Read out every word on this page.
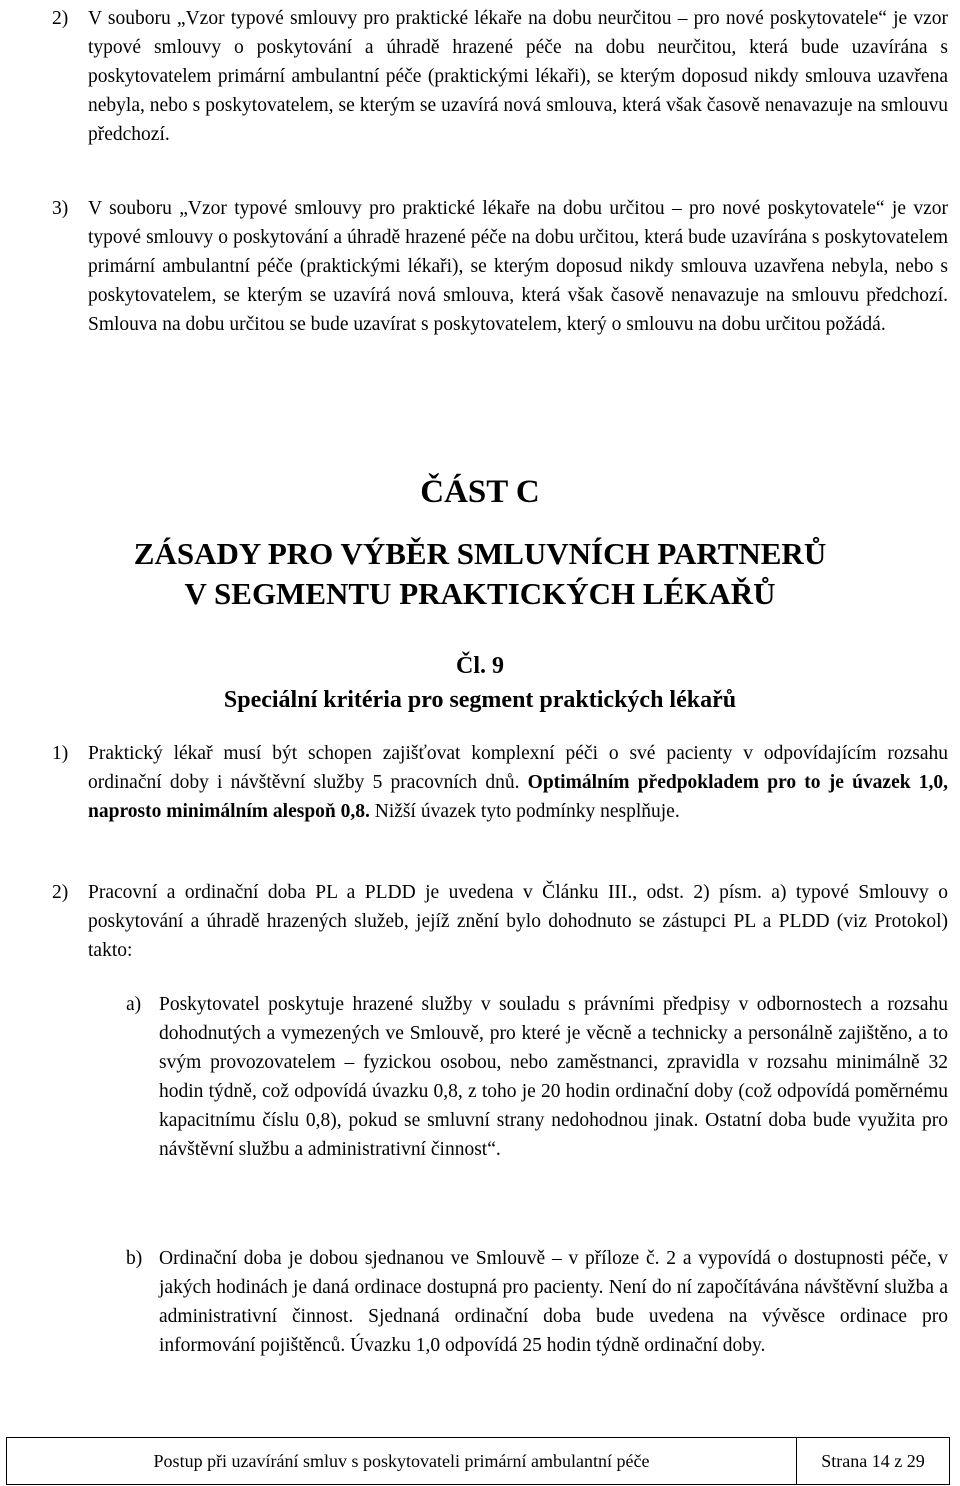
2) V souboru „Vzor typové smlouvy pro praktické lékaře na dobu neurčitou – pro nové poskytovatele“ je vzor typové smlouvy o poskytování a úhradě hrazené péče na dobu neurčitou, která bude uzavírána s poskytovatelem primární ambulantní péče (praktickými lékaři), se kterým doposud nikdy smlouva uzavřena nebyla, nebo s poskytovatelem, se kterým se uzavírá nová smlouva, která však časově nenavazuje na smlouvu předchozí.
3) V souboru „Vzor typové smlouvy pro praktické lékaře na dobu určitou – pro nové poskytovatele“ je vzor typové smlouvy o poskytování a úhradě hrazené péče na dobu určitou, která bude uzavírána s poskytovatelem primární ambulantní péče (praktickými lékaři), se kterým doposud nikdy smlouva uzavřena nebyla, nebo s poskytovatelem, se kterým se uzavírá nová smlouva, která však časově nenavazuje na smlouvu předchozí. Smlouva na dobu určitou se bude uzavírat s poskytovatelem, který o smlouvu na dobu určitou požádá.
ČÁST C
ZÁSADY PRO VÝBĚR SMLUVNÍCH PARTNERŮ
V SEGMENTU PRAKTICKÝCH LÉKAŘŮ
Čl. 9
Speciální kritéria pro segment praktických lékařů
1) Praktický lékař musí být schopen zajišťovat komplexní péči o své pacienty v odpovídajícím rozsahu ordinační doby i návštěvní služby 5 pracovních dnů. Optimálním předpokladem pro to je úvazek 1,0, naprosto minimálním alespoň 0,8. Nižší úvazek tyto podmínky nesplňuje.
2) Pracovní a ordinační doba PL a PLDD je uvedena v Článku III., odst. 2) písm. a) typové Smlouvy o poskytování a úhradě hrazených služeb, jejíž znění bylo dohodnuto se zástupci PL a PLDD (viz Protokol) takto:
a) Poskytovatel poskytuje hrazené služby v souladu s právními předpisy v odbornostech a rozsahu dohodnutých a vymezených ve Smlouvě, pro které je věcně a technicky a personálně zajištěno, a to svým provozovatelem – fyzickou osobou, nebo zaměstnanci, zpravidla v rozsahu minimálně 32 hodin týdně, což odpovídá úvazku 0,8, z toho je 20 hodin ordinační doby (což odpovídá poměrnému kapacitnímu číslu 0,8), pokud se smluvní strany nedohodnou jinak. Ostatní doba bude využita pro návštěvní službu a administrativní činnost“.
b) Ordinační doba je dobou sjednanou ve Smlouvě – v příloze č. 2 a vypovídá o dostupnosti péče, v jakých hodinách je daná ordinace dostupná pro pacienty. Není do ní započítávána návštěvní služba a administrativní činnost. Sjednaná ordinační doba bude uvedena na vývěsce ordinace pro informování pojištěnců. Úvazku 1,0 odpovídá 25 hodin týdně ordinační doby.
Postup při uzavírání smluv s poskytovateli primární ambulantní péče	Strana 14 z 29
